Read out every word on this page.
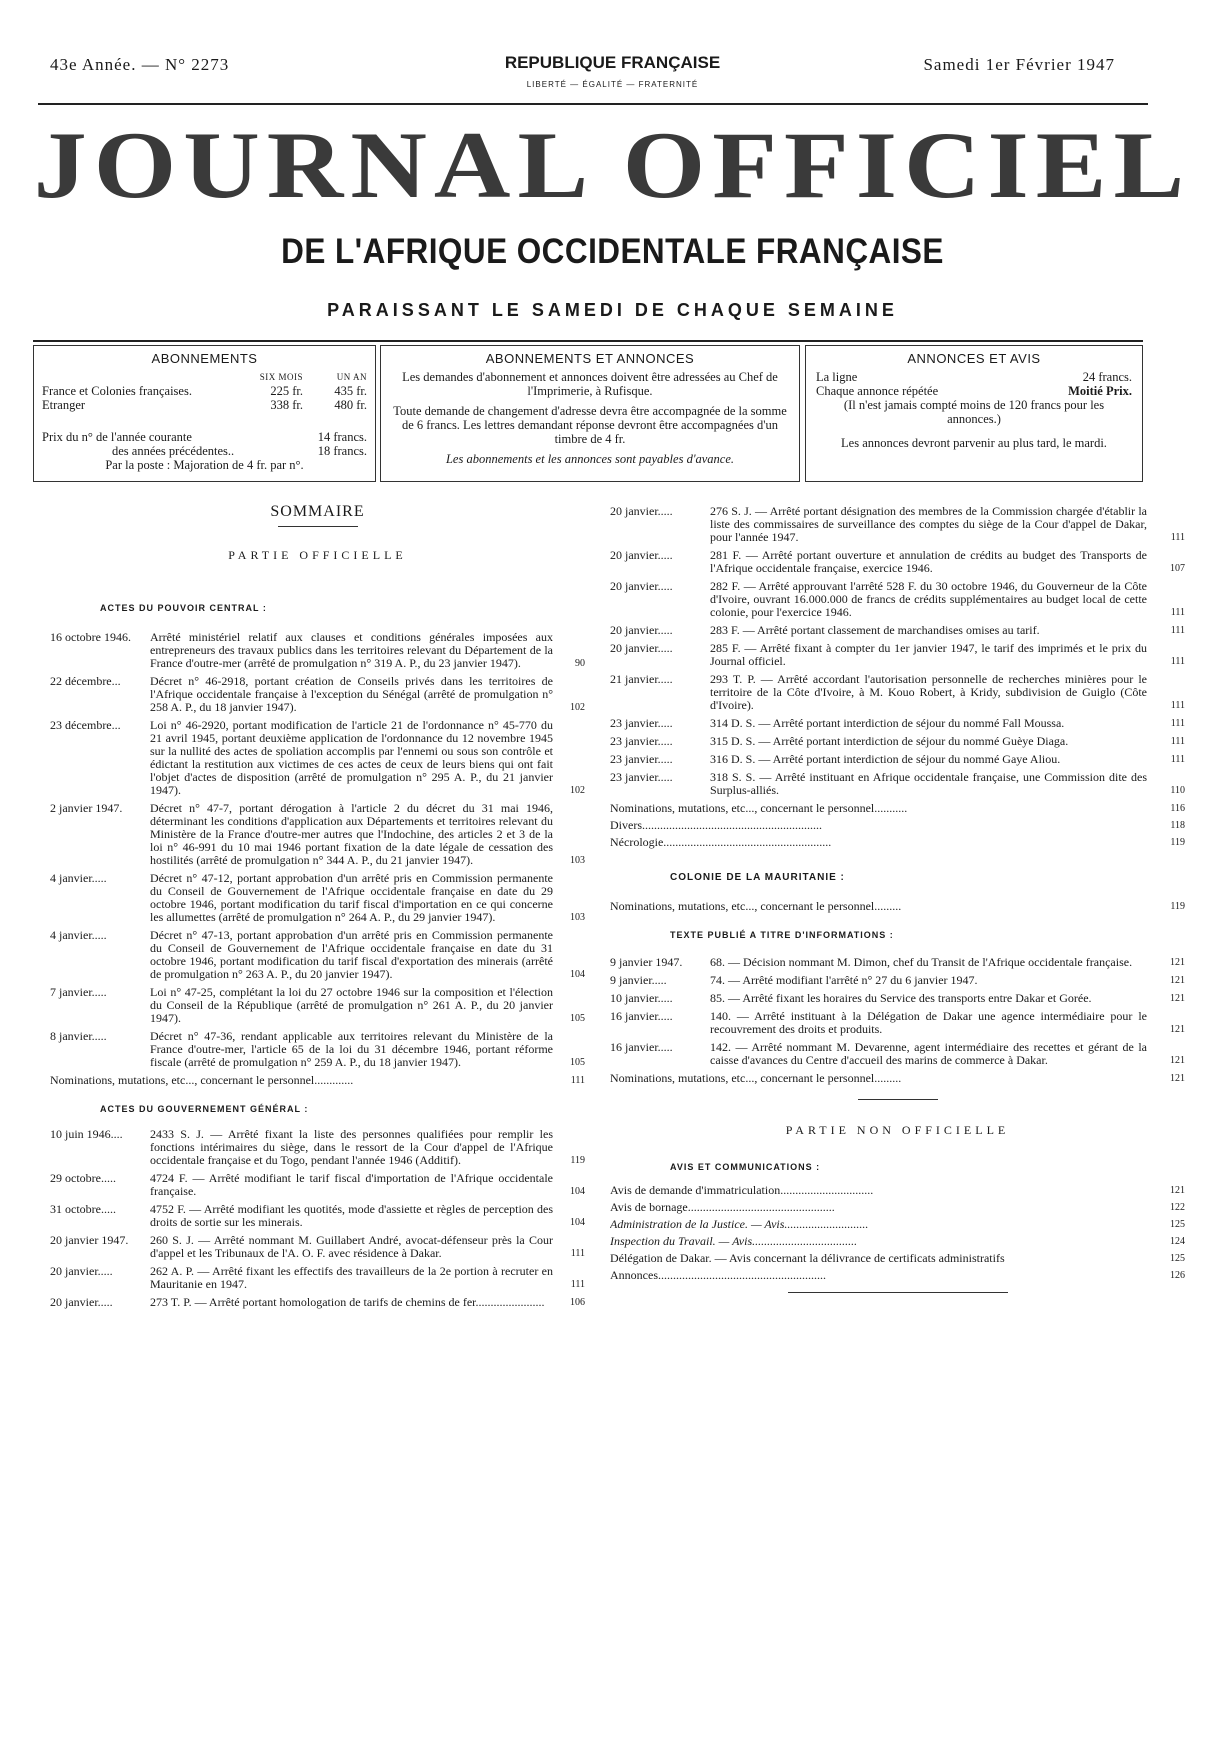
43e Année. — N° 2273	REPUBLIQUE FRANÇAISE
LIBERTÉ — ÉGALITÉ — FRATERNITÉ
Samedi 1er Février 1947
JOURNAL OFFICIEL
DE L'AFRIQUE OCCIDENTALE FRANÇAISE
PARAISSANT LE SAMEDI DE CHAQUE SEMAINE
ABONNEMENTS
SIX MOIS	UN AN
France et Colonies françaises.	225 fr.	435 fr.
Etranger	338 fr.	480 fr.
Prix du n° de l'année courante	14 francs.
des années précédentes..	18 francs.
Par la poste : Majoration de 4 fr. par n°.
ABONNEMENTS ET ANNONCES

Les demandes d'abonnement et annonces doivent être adressées au Chef de l'Imprimerie, à Rufisque.

Toute demande de changement d'adresse devra être accompagnée de la somme de 6 francs. Les lettres demandant réponse devront être accompagnées d'un timbre de 4 fr.

Les abonnements et les annonces sont payables d'avance.

ANNONCES ET AVIS
La ligne	24 francs.
Chaque annonce répétée	Moitié Prix.
(Il n'est jamais compté moins de 120 francs pour les annonces.)
Les annonces devront parvenir au plus tard, le mardi.
SOMMAIRE
PARTIE OFFICIELLE
ACTES DU POUVOIR CENTRAL :
16 octobre 1946.	Arrêté ministériel relatif aux clauses et conditions générales imposées aux entrepreneurs des travaux publics dans les territoires relevant du Département de la France d'outre-mer (arrêté de promulgation n° 319 A. P., du 23 janvier 1947).	90
22 décembre...	Décret n° 46-2918, portant création de Conseils privés dans les territoires de l'Afrique occidentale française à l'exception du Sénégal (arrêté de promulgation n° 258 A. P., du 18 janvier 1947).	102
23 décembre...	Loi n° 46-2920, portant modification de l'article 21 de l'ordonnance n° 45-770 du 21 avril 1945, portant deuxième application de l'ordonnance du 12 novembre 1945 sur la nullité des actes de spoliation accomplis par l'ennemi ou sous son contrôle et édictant la restitution aux victimes de ces actes de ceux de leurs biens qui ont fait l'objet d'actes de disposition (arrêté de promulgation n° 295 A. P., du 21 janvier 1947).	102
2 janvier 1947.	Décret n° 47-7, portant dérogation à l'article 2 du décret du 31 mai 1946, déterminant les conditions d'application aux Départements et territoires relevant du Ministère de la France d'outre-mer autres que l'Indochine, des articles 2 et 3 de la loi n° 46-991 du 10 mai 1946 portant fixation de la date légale de cessation des hostilités (arrêté de promulgation n° 344 A. P., du 21 janvier 1947).	103
4 janvier.....	Décret n° 47-12, portant approbation d'un arrêté pris en Commission permanente du Conseil de Gouvernement de l'Afrique occidentale française en date du 29 octobre 1946, portant modification du tarif fiscal d'importation en ce qui concerne les allumettes (arrêté de promulgation n° 264 A. P., du 29 janvier 1947).	103
4 janvier.....	Décret n° 47-13, portant approbation d'un arrêté pris en Commission permanente du Conseil de Gouvernement de l'Afrique occidentale française en date du 31 octobre 1946, portant modification du tarif fiscal d'exportation des minerais (arrêté de promulgation n° 263 A. P., du 20 janvier 1947).	104
7 janvier.....	Loi n° 47-25, complétant la loi du 27 octobre 1946 sur la composition et l'élection du Conseil de la République (arrêté de promulgation n° 261 A. P., du 20 janvier 1947).	105
8 janvier.....	Décret n° 47-36, rendant applicable aux territoires relevant du Ministère de la France d'outre-mer, l'article 65 de la loi du 31 décembre 1946, portant réforme fiscale (arrêté de promulgation n° 259 A. P., du 18 janvier 1947).	105
Nominations, mutations, etc..., concernant le personnel.............	111
ACTES DU GOUVERNEMENT GÉNÉRAL :
10 juin 1946....	2433 S. J. — Arrêté fixant la liste des personnes qualifiées pour remplir les fonctions intérimaires du siège, dans le ressort de la Cour d'appel de l'Afrique occidentale française et du Togo, pendant l'année 1946 (Additif).	119
29 octobre.....	4724 F. — Arrêté modifiant le tarif fiscal d'importation de l'Afrique occidentale française.	104
31 octobre.....	4752 F. — Arrêté modifiant les quotités, mode d'assiette et règles de perception des droits de sortie sur les minerais.	104
20 janvier 1947.	260 S. J. — Arrêté nommant M. Guillabert André, avocat-défenseur près la Cour d'appel et les Tribunaux de l'A. O. F. avec résidence à Dakar.	111
20 janvier.....	262 A. P. — Arrêté fixant les effectifs des travailleurs de la 2e portion à recruter en Mauritanie en 1947.	111
20 janvier.....	273 T. P. — Arrêté portant homologation de tarifs de chemins de fer.......................	106
20 janvier.....	276 S. J. — Arrêté portant désignation des membres de la Commission chargée d'établir la liste des commissaires de surveillance des comptes du siège de la Cour d'appel de Dakar, pour l'année 1947.	111
20 janvier.....	281 F. — Arrêté portant ouverture et annulation de crédits au budget des Transports de l'Afrique occidentale française, exercice 1946.	107
20 janvier.....	282 F. — Arrêté approuvant l'arrêté 528 F. du 30 octobre 1946, du Gouverneur de la Côte d'Ivoire, ouvrant 16.000.000 de francs de crédits supplémentaires au budget local de cette colonie, pour l'exercice 1946.	111
20 janvier.....	283 F. — Arrêté portant classement de marchandises omises au tarif.	111
20 janvier.....	285 F. — Arrêté fixant à compter du 1er janvier 1947, le tarif des imprimés et le prix du Journal officiel.	111
21 janvier.....	293 T. P. — Arrêté accordant l'autorisation personnelle de recherches minières pour le territoire de la Côte d'Ivoire, à M. Kouo Robert, à Kridy, subdivision de Guiglo (Côte d'Ivoire).	111
23 janvier.....	314 D. S. — Arrêté portant interdiction de séjour du nommé Fall Moussa.	111
23 janvier.....	315 D. S. — Arrêté portant interdiction de séjour du nommé Guèye Diaga.	111
23 janvier.....	316 D. S. — Arrêté portant interdiction de séjour du nommé Gaye Aliou.	111
23 janvier.....	318 S. S. — Arrêté instituant en Afrique occidentale française, une Commission dite des Surplus-alliés.	110
Nominations, mutations, etc..., concernant le personnel...........	116
Divers............................................................	118
Nécrologie........................................................	119
COLONIE DE LA MAURITANIE :
Nominations, mutations, etc..., concernant le personnel.........	119
TEXTE PUBLIÉ A TITRE D'INFORMATIONS :
9 janvier 1947.	68. — Décision nommant M. Dimon, chef du Transit de l'Afrique occidentale française.	121
9 janvier.....	74. — Arrêté modifiant l'arrêté n° 27 du 6 janvier 1947.	121
10 janvier.....	85. — Arrêté fixant les horaires du Service des transports entre Dakar et Gorée.	121
16 janvier.....	140. — Arrêté instituant à la Délégation de Dakar une agence intermédiaire pour le recouvrement des droits et produits.	121
16 janvier.....	142. — Arrêté nommant M. Devarenne, agent intermédiaire des recettes et gérant de la caisse d'avances du Centre d'accueil des marins de commerce à Dakar.	121
Nominations, mutations, etc..., concernant le personnel.........	121
PARTIE NON OFFICIELLE
AVIS ET COMMUNICATIONS :
Avis de demande d'immatriculation...............................	121
Avis de bornage.................................................	122
Administration de la Justice. — Avis............................	125
Inspection du Travail. — Avis...................................	124
Délégation de Dakar. — Avis concernant la délivrance de certificats administratifs	125
Annonces........................................................	126
